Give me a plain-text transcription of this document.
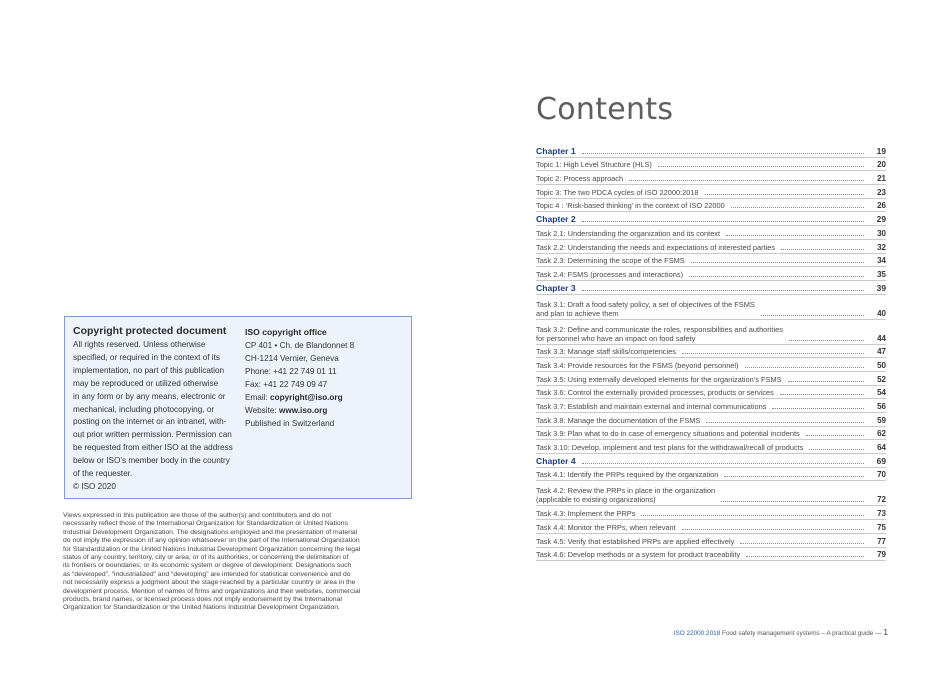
Copyright protected document
All rights reserved. Unless otherwise
specified, or required in the context of its
implementation, no part of this publication
may be reproduced or utilized otherwise
in any form or by any means, electronic or
mechanical, including photocopying, or
posting on the internet or an intranet, with-
out prior written permission. Permission can
be requested from either ISO at the address
below or ISO’s member body in the country
of the requester.
© ISO 2020
ISO copyright office
CP 401 • Ch. de Blandonnet 8
CH-1214 Vernier, Geneva
Phone: +41 22 749 01 11
Fax: +41 22 749 09 47
Email: copyright@iso.org
Website: www.iso.org
Published in Switzerland
Views expressed in this publication are those of the author(s) and contributors and do not
necessarily reflect those of the International Organization for Standardization or United Nations
Industrial Development Organization. The designations employed and the presentation of material
do not imply the expression of any opinion whatsoever on the part of the International Organization
for Standardization or the United Nations Industrial Development Organization concerning the legal
status of any country, territory, city or area, or of its authorities; or concerning the delimitation of
its frontiers or boundaries; or its economic system or degree of development. Designations such
as “developed”, “industrialized” and “developing” are intended for statistical convenience and do
not necessarily express a judgment about the stage reached by a particular country or area in the
development process. Mention of names of firms and organizations and their websites, commercial
products, brand names, or licensed process does not imply endorsement by the International
Organization for Standardization or the United Nations Industrial Development Organization.
Contents
Chapter 1	19
Topic 1: High Level Structure (HLS)	20
Topic 2: Process approach	21
Topic 3: The two PDCA cycles of ISO 22000:2018	23
Topic 4 : ‘Risk-based thinking’ in the context of ISO 22000	26
Chapter 2	29
Task 2.1: Understanding the organization and its context	30
Task 2.2: Understanding the needs and expectations of interested parties	32
Task 2.3: Determining the scope of the FSMS	34
Task 2.4: FSMS (processes and interactions)	35
Chapter 3	39
Task 3.1: Draft a food safety policy, a set of objectives of the FSMS
and plan to achieve them	40
Task 3.2: Define and communicate the roles, responsibilities and authorities
for personnel who have an impact on food safety	44
Task 3.3: Manage staff skills/competencies	47
Task 3.4: Provide resources for the FSMS (beyond personnel)	50
Task 3.5: Using externally developed elements for the organization’s FSMS	52
Task 3.6: Control the externally provided processes, products or services	54
Task 3.7: Establish and maintain external and internal communications	56
Task 3.8: Manage the documentation of the FSMS	59
Task 3.9: Plan what to do in case of emergency situations and potential incidents	62
Task 3.10: Develop, implement and test plans for the withdrawal/recall of products	64
Chapter 4	69
Task 4.1: Identify the PRPs required by the organization	70
Task 4.2: Review the PRPs in place in the organization
(applicable to existing organizations)	72
Task 4.3: Implement the PRPs	73
Task 4.4: Monitor the PRPs, when relevant	75
Task 4.5: Verify that established PRPs are applied effectively	77
Task 4.6: Develop methods or a system for product traceability	79
ISO 22000:2018 Food safety management systems – A practical guide — 1
